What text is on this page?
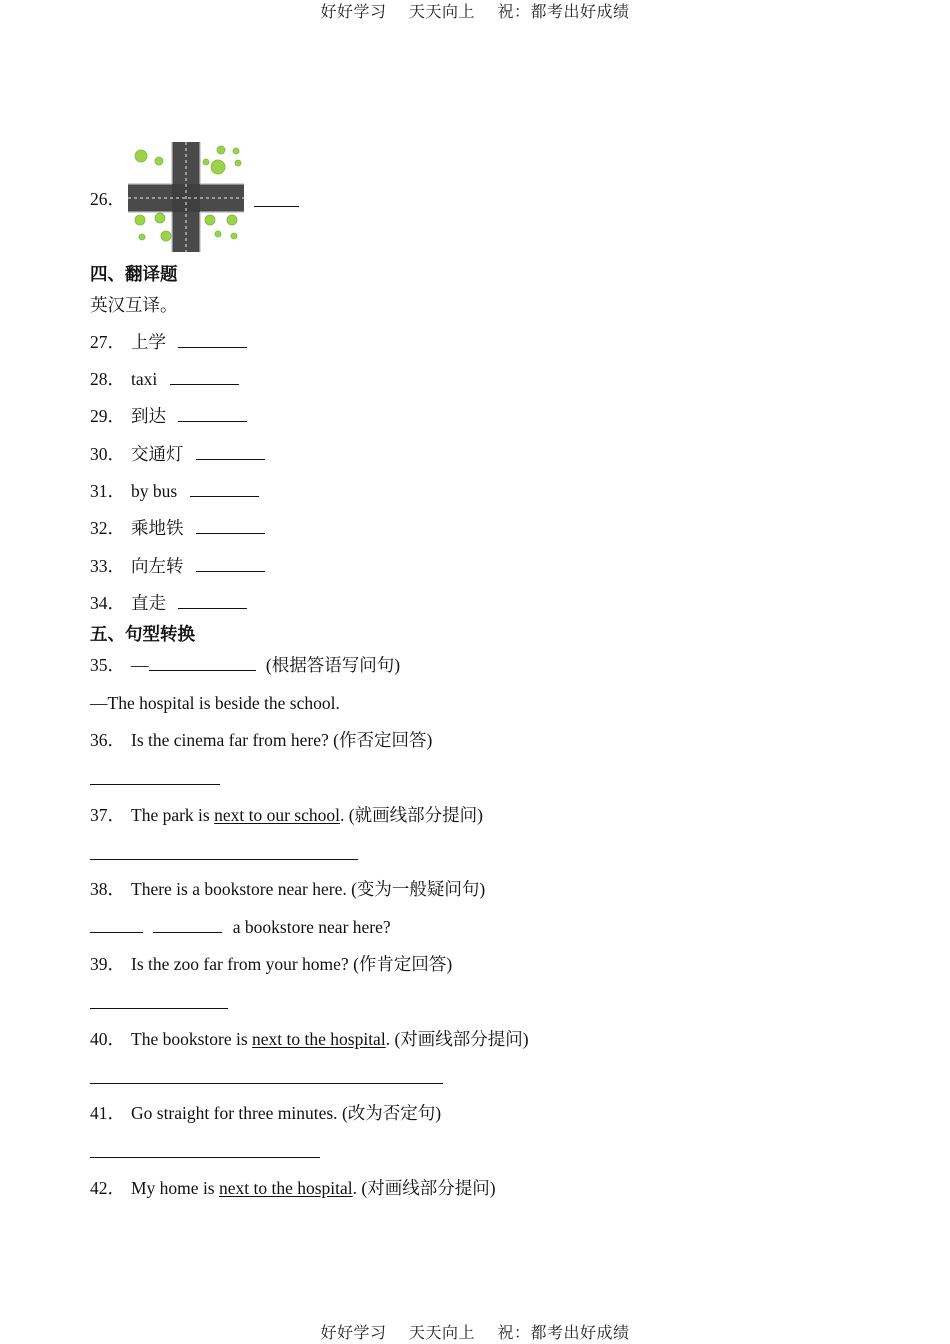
好好学习 天天向上 祝：都考出好成绩
26．
四、翻译题
英汉互译。
27． 上学
28． taxi
29． 到达
30． 交通灯
31． by bus
32． 乘地铁
33． 向左转
34． 直走
五、句型转换
35． —	(根据答语写问句)
—The hospital is beside the school.
36． Is the cinema far from here? (作否定回答)
37． The park is next to our school. (就画线部分提问)
38． There is a bookstore near here. (变为一般疑问句)
a bookstore near here?
39． Is the zoo far from your home? (作肯定回答)
40． The bookstore is next to the hospital. (对画线部分提问)
41． Go straight for three minutes. (改为否定句)
42． My home is next to the hospital. (对画线部分提问)
好好学习 天天向上 祝：都考出好成绩
